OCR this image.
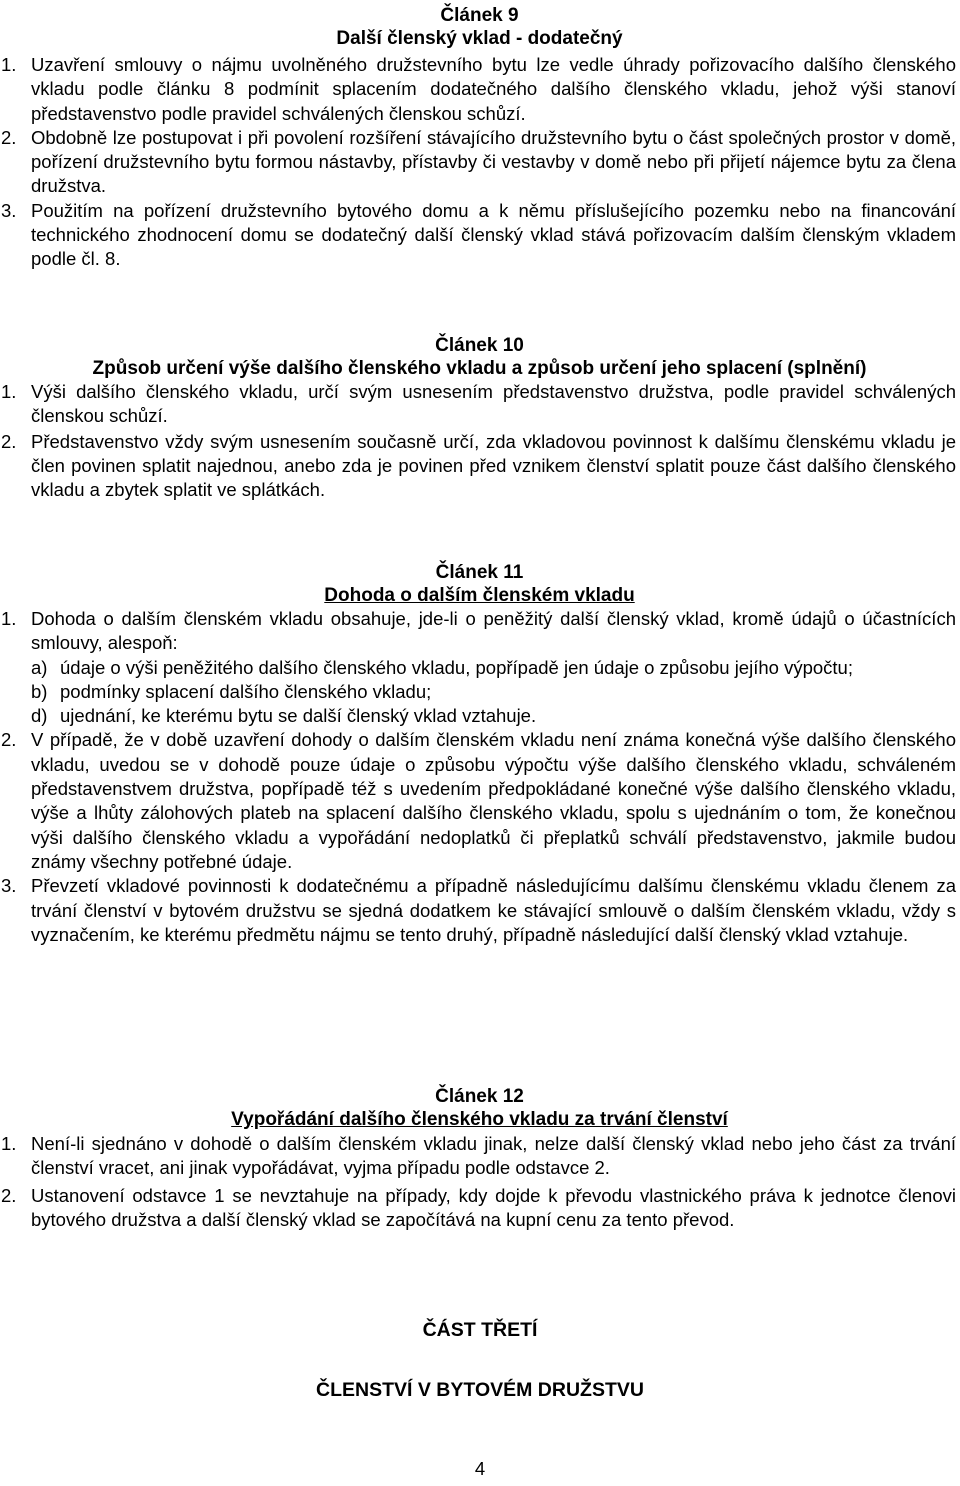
Článek 9

Další členský vklad - dodatečný

1. Uzavření smlouvy o nájmu uvolněného družstevního bytu lze vedle úhrady pořizovacího dalšího členského vkladu podle článku 8 podmínit splacením dodatečného dalšího členského vkladu, jehož výši stanoví představenstvo podle pravidel schválených členskou schůzí.
2. Obdobně lze postupovat i při povolení rozšíření stávajícího družstevního bytu o část společných prostor v domě, pořízení družstevního bytu formou nástavby, přístavby či vestavby v domě nebo při přijetí nájemce bytu za člena družstva.
3. Použitím na pořízení družstevního bytového domu a k němu příslušejícího pozemku nebo na financování technického zhodnocení domu se dodatečný další členský vklad stává pořizovacím dalším členským vkladem podle čl. 8.

Článek 10

Způsob určení výše dalšího členského vkladu a způsob určení jeho splacení (splnění)

1. Výši dalšího členského vkladu, určí svým usnesením představenstvo družstva, podle pravidel schválených členskou schůzí.
2. Představenstvo vždy svým usnesením současně určí, zda vkladovou povinnost k dalšímu členskému vkladu je člen povinen splatit najednou, anebo zda je povinen před vznikem členství splatit pouze část dalšího členského vkladu a zbytek splatit ve splátkách.

Článek 11

Dohoda o dalším členském vkladu

1. Dohoda o dalším členském vkladu obsahuje, jde-li o peněžitý další členský vklad, kromě údajů o účastnících smlouvy, alespoň:
a) údaje o výši peněžitého dalšího členského vkladu, popřípadě jen údaje o způsobu jejího výpočtu;
b) podmínky splacení dalšího členského vkladu;
d) ujednání, ke kterému bytu se další členský vklad vztahuje.
2. V případě, že v době uzavření dohody o dalším členském vkladu není známa konečná výše dalšího členského vkladu, uvedou se v dohodě pouze údaje o způsobu výpočtu výše dalšího členského vkladu, schváleném představenstvem družstva, popřípadě též s uvedením předpokládané konečné výše dalšího členského vkladu, výše a lhůty zálohových plateb na splacení dalšího členského vkladu, spolu s ujednáním o tom, že konečnou výši dalšího členského vkladu a vypořádání nedoplatků či přeplatků schválí představenstvo, jakmile budou známy všechny potřebné údaje.
3. Převzetí vkladové povinnosti k dodatečnému a případně následujícímu dalšímu členskému vkladu členem za trvání členství v bytovém družstvu se sjedná dodatkem ke stávající smlouvě o dalším členském vkladu, vždy s vyznačením, ke kterému předmětu nájmu se tento druhý, případně následující další členský vklad vztahuje.

Článek 12

Vypořádání dalšího členského vkladu za trvání členství

1. Není-li sjednáno v dohodě o dalším členském vkladu jinak, nelze další členský vklad nebo jeho část za trvání členství vracet, ani jinak vypořádávat, vyjma případu podle odstavce 2.
2. Ustanovení odstavce 1 se nevztahuje na případy, kdy dojde k převodu vlastnického práva k jednotce členovi bytového družstva a další členský vklad se započítává na kupní cenu za tento převod.

ČÁST TŘETÍ

ČLENSTVÍ V BYTOVÉM DRUŽSTVU

4
